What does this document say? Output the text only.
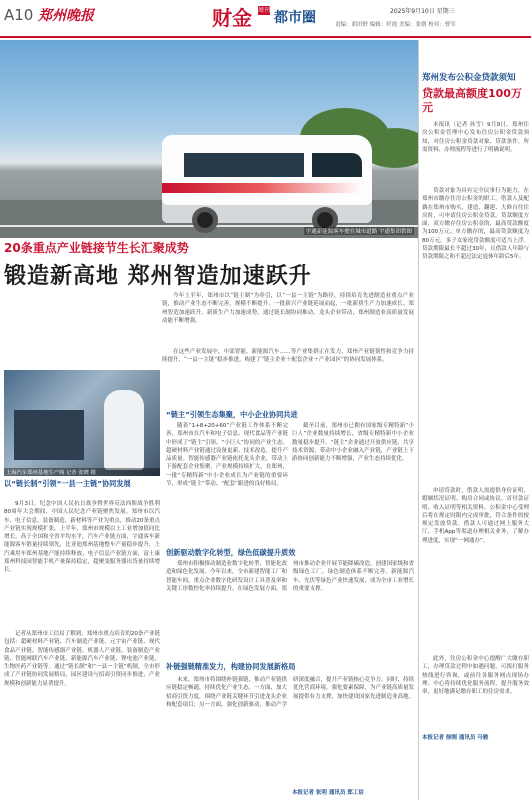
A10 郑州晚报	财金 周刊 都市圈	2025年9月10日 星期三
责编：胡田野 编辑：纤霞 美编：张朝 校对：曹军
宇通新能源客车驶在城市道路 宇通集团供图
20条重点产业链接节生长汇聚成势
锻造新高地 郑州智造加速跃升
今年上半年，郑州市以“链主制”为牵引，以“一县一主链”为路径，持续培育先进制造业重点产业链，推动产业生态不断完善，规模不断提升。一批新兴产业链延展而起，一批新质生产力加速成长。郑州智造加速跃升，新质生产力加速成势。通过链长制协同推动、龙头企业带动，郑州制造业高质量发展动能不断增强。
在这些产业发展中，中部智能、新能源汽车……等产业集群正在发力，郑州产业链韧性和竞争力持续提升，“一县一主链”稳步推进，构建了“链主企业＋配套企业＋产业园区”的协同发展体系。
上海汽车郑州基地生产线 记者 张晓 摄
以“链长制”引领“一县一主链”协同发展
9月3日，纪念中国人民抗日战争暨世界反法西斯战争胜利80周年大会期间，中国人民纪念产业链聚焦发展。郑州市以汽车、电子信息、装备制造、新材料等产业为重点，推动20条重点产业链实现规模扩张。上半年，郑州市规模以上工业增加值同比增长，高于全国和全省平均水平。汽车产业链方面，宇通客车新能源客车销量持续领先，比亚迪郑州基地整车产量稳步提升，上汽乘用车郑州基地产能持续释放。电子信息产业链方面，富士康郑州科技园智能手机产量保持稳定，超聚变服务器出货量持续增长。
记者从郑州市工信局了解到，郑州市重点培育的20条产业链包括：超硬材料产业链、汽车制造产业链、元宇宙产业链、现代食品产业链、智能传感器产业链、机器人产业链、装备制造产业链、智能网联汽车产业链、新能源汽车产业链、锂电池产业链、生物医药产业链等。通过“链长制”和“一县一主链”机制，全市形成了产业链协同发展格局，园区建设与招商引资同步推进，产业规模和创新能力显著提升。
“链主”引领生态集聚，中小企业协同共进
随着“1+8+20+60”产业链工作体系不断完善，郑州市在汽车和电子信息、现代食品等产业链中形成了“链主”引领、“小巨人”协同的产业生态。超硬材料产业链通过设备更新、技术改造，提升产品质量。智能传感器产业链依托龙头企业，带动上下游配套企业集聚，产业规模持续扩大。在郑州，一批“专精特新”中小企业成长为产业链的重要环节，形成“链主”带动、“配套”跟进的良好格局。
截至目前，郑州市已拥有国家级专精特新“小巨人”企业数量持续增长，省级专精特新中小企业数量稳步提升。“链主”企业通过开放供应链、共享技术资源，带动中小企业融入产业链，产业链上下游协同创新能力不断增强，产业生态持续优化。
创新驱动数字化转型，绿色低碳提升质效
郑州市积极推动制造业数字化转型、智能化改造和绿色化发展。今年以来，全市新建智能工厂和智能车间，重点企业数字化研发设计工具普及率和关键工序数控化率持续提升。在绿色发展方面，郑州市推动企业开展节能降碳改造，创建国家级和省级绿色工厂，绿色制造体系不断完善。新能源汽车、光伏等绿色产业快速发展，成为全市工业增长的重要支撑。
补链强链精准发力，构建协同发展新格局
未来，郑州市将围绕补链强链，推动产业链供应链稳定畅通，持续优化产业生态。一方面，加大招商引资力度，围绕产业链关键环节引进龙头企业和配套项目；另一方面，强化创新驱动，推动产学研深度融合，提升产业链核心竞争力。同时，持续优化营商环境，强化要素保障，为产业链高质量发展提供有力支撑，加快建设国家先进制造业高地。
本报记者 张明 通讯员 郑工信
郑州发布公积金贷款须知
贷款最高额度100万元
本报讯（记者 孙雪）9月9日，郑州住房公积金管理中心发布住房公积金贷款须知，对住房公积金贷款对象、贷款条件、所需资料、办理流程等进行了明确说明。
贷款对象为具有完全民事行为能力，在郑州市缴存住房公积金的职工。借款人及配偶在郑州市购买、建造、翻建、大修自住住房时，可申请住房公积金贷款。贷款额度方面，双方缴存住房公积金的，最高贷款额度为100万元；单方缴存的，最高贷款额度为80万元。多子女家庭贷款额度可适当上浮。贷款期限最长不超过30年，且借款人年龄与贷款期限之和不超过法定退休年龄后5年。
申请贷款时，借款人需提供身份证明、婚姻状况证明、购房合同或协议、首付款证明、收入证明等相关资料。公积金中心受理后将在规定时限内完成审批，符合条件的按规定发放贷款。借款人可通过网上服务大厅、手机App等渠道办理相关业务，了解办理进度，实现“一网通办”。
此外，住房公积金中心提醒广大缴存职工，办理贷款过程中如遇问题，可拨打服务热线进行咨询，或前往各服务网点现场办理。中心将持续优化服务流程，提升服务效率，更好地满足缴存职工的住房需求。
本报记者 徐刚 通讯员 马骏
